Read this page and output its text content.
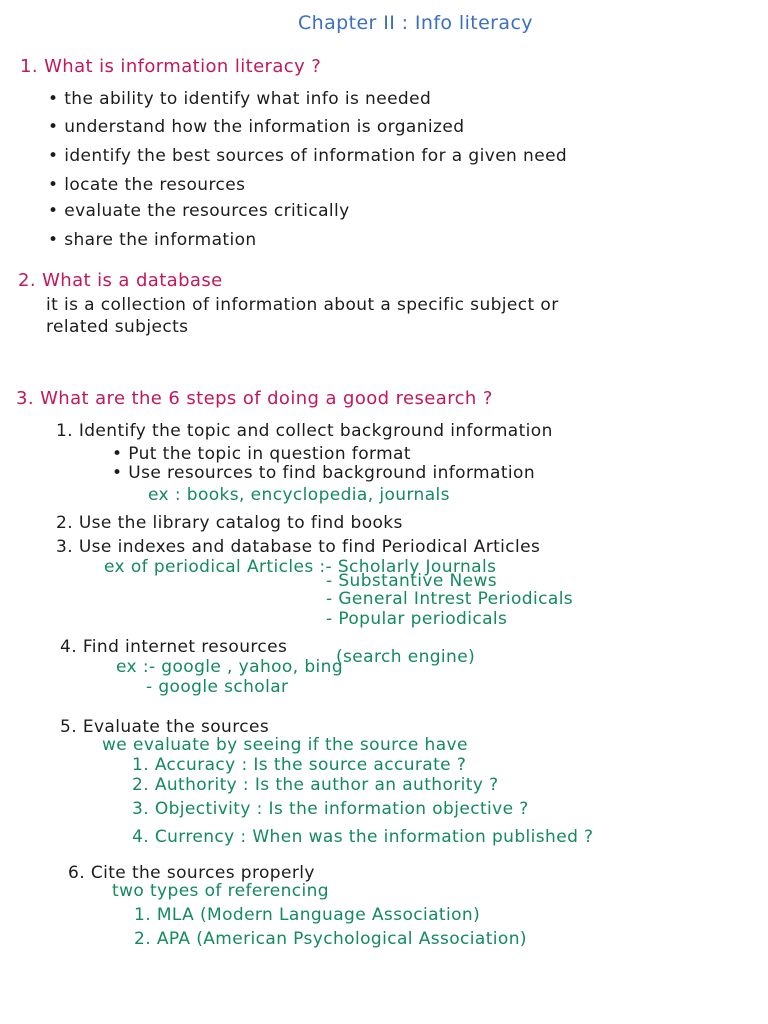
Chapter II : Info literacy
1. What is information literacy ?
• the ability to identify what info is needed
• understand how the information is organized
• identify the best sources of information for a given need
• locate the resources
• evaluate the resources critically
• share the information
2. What is a database
it is a collection of information about a specific subject or
related subjects
3. What are the 6 steps of doing a good research ?
1. Identify the topic and collect background information
• Put the topic in question format
• Use resources to find background information
ex : books, encyclopedia, journals
2. Use the library catalog to find books
3. Use indexes and database to find Periodical Articles
ex of periodical Articles :- Scholarly Journals
- Substantive News
- General Intrest Periodicals
- Popular periodicals
4. Find internet resources
ex :- google , yahoo, bing
(search engine)
- google scholar
5. Evaluate the sources
we evaluate by seeing if the source have
1. Accuracy : Is the source accurate ?
2. Authority : Is the author an authority ?
3. Objectivity : Is the information objective ?
4. Currency : When was the information published ?
6. Cite the sources properly
two types of referencing
1. MLA (Modern Language Association)
2. APA (American Psychological Association)
